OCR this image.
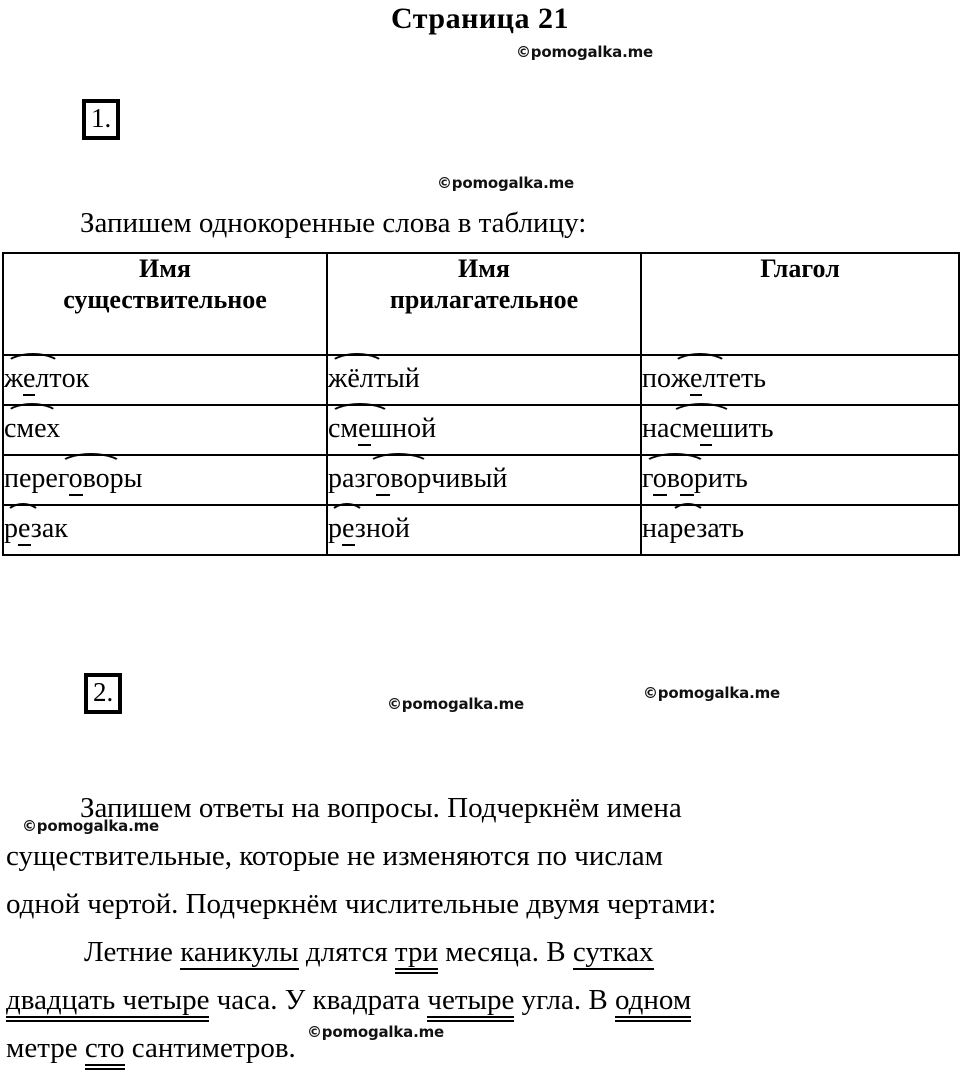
Страница 21
©pomogalka.me
©pomogalka.me
©pomogalka.me
©pomogalka.me
©pomogalka.me
©pomogalka.me
1.
Запишем однокоренные слова в таблицу:
Имя
существительное	Имя
прилагательное	Глагол
желток	жёлтый	пожелтеть
смех	смешной	насмешить
переговоры	разговорчивый	говорить
резак	резной	нарезать
2.
Запишем ответы на вопросы. Подчеркнём имена
существительные, которые не изменяются по числам
одной чертой. Подчеркнём числительные двумя чертами:
Летние каникулы длятся три месяца. В сутках
двадцать четыре часа. У квадрата четыре угла. В одном
метре сто сантиметров.
